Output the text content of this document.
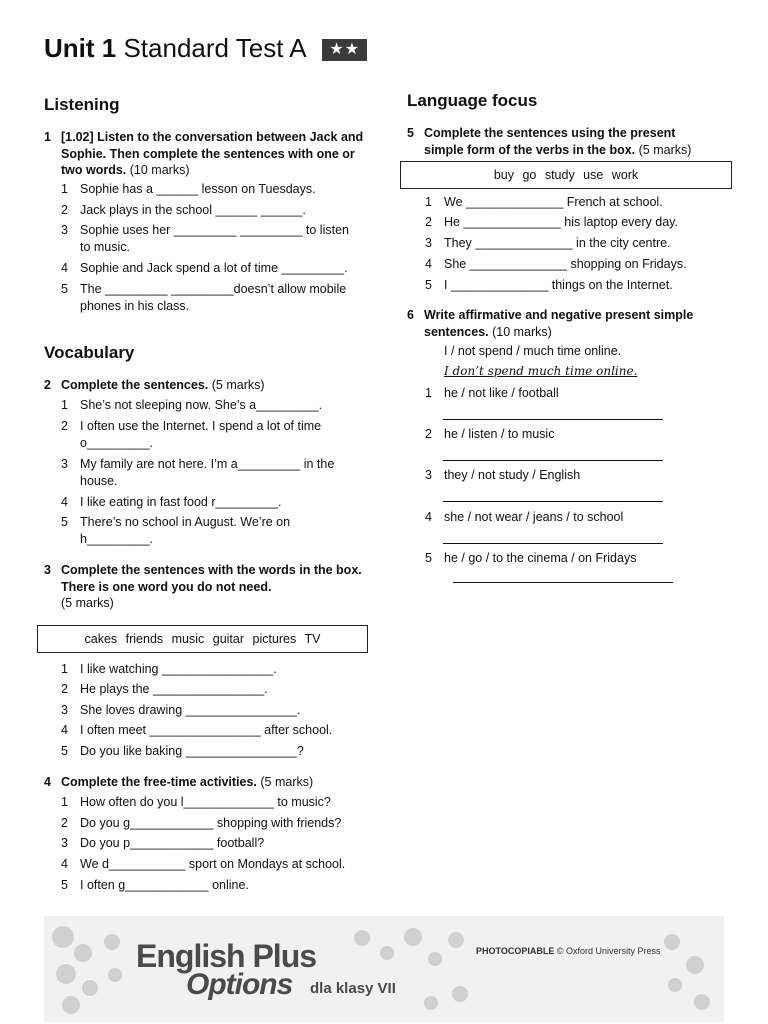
Unit 1 Standard Test A ★★
Listening
1 [1.02] Listen to the conversation between Jack and Sophie. Then complete the sentences with one or two words. (10 marks)
1 Sophie has a ______ lesson on Tuesdays.
2 Jack plays in the school ______ ______.
3 Sophie uses her _________ _________ to listen to music.
4 Sophie and Jack spend a lot of time _________.
5 The _________ _________doesn’t allow mobile phones in his class.
Vocabulary
2 Complete the sentences. (5 marks)
1 She’s not sleeping now. She’s a_________.
2 I often use the Internet. I spend a lot of time o_________.
3 My family are not here. I’m a_________ in the house.
4 I like eating in fast food r_________.
5 There’s no school in August. We’re on h_________.
3 Complete the sentences with the words in the box. There is one word you do not need.
(5 marks)
cakes friends music guitar pictures TV
1 I like watching ________________.
2 He plays the ________________.
3 She loves drawing ________________.
4 I often meet ________________ after school.
5 Do you like baking ________________?
4 Complete the free-time activities. (5 marks)
1 How often do you l_____________ to music?
2 Do you g____________ shopping with friends?
3 Do you p____________ football?
4 We d___________ sport on Mondays at school.
5 I often g____________ online.
Language focus
5 Complete the sentences using the present simple form of the verbs in the box. (5 marks)
buy go study use work
1 We ______________ French at school.
2 He ______________ his laptop every day.
3 They ______________ in the city centre.
4 She ______________ shopping on Fridays.
5 I ______________ things on the Internet.
6 Write affirmative and negative present simple sentences. (10 marks)
I / not spend / much time online.
I don’t spend much time online.
1 he / not like / football
2 he / listen / to music
3 they / not study / English
4 she / not wear / jeans / to school
5 he / go / to the cinema / on Fridays
English Plus
Options dla klasy VII
PHOTOCOPIABLE © Oxford University Press
